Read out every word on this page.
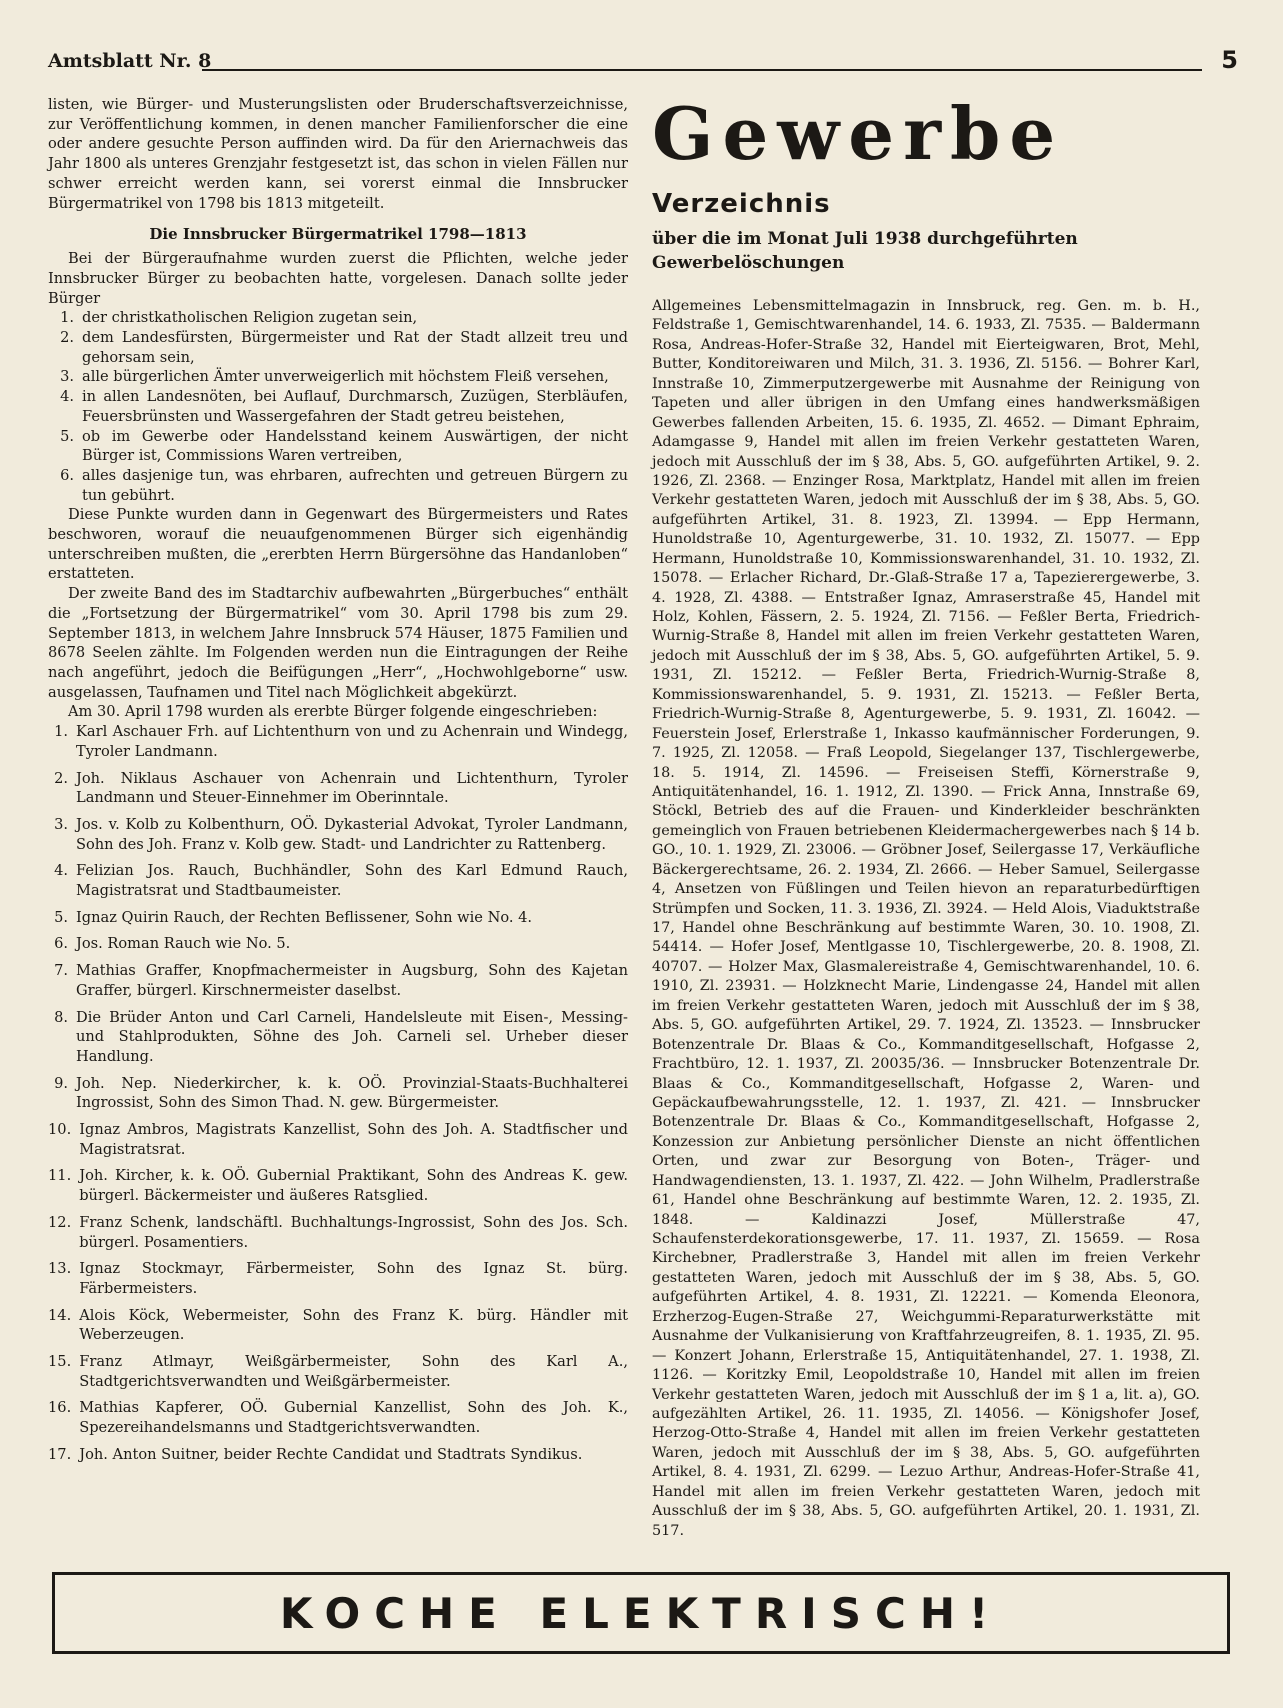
Amtsblatt Nr. 8	5

listen, wie Bürger- und Musterungslisten oder Bruderschaftsverzeichnisse, zur Veröffentlichung kommen, in denen mancher Familienforscher die eine oder andere gesuchte Person auffinden wird. Da für den Ariernachweis das Jahr 1800 als unteres Grenzjahr festgesetzt ist, das schon in vielen Fällen nur schwer erreicht werden kann, sei vorerst einmal die Innsbrucker Bürgermatrikel von 1798 bis 1813 mitgeteilt.

Die Innsbrucker Bürgermatrikel 1798—1813

Bei der Bürgeraufnahme wurden zuerst die Pflichten, welche jeder Innsbrucker Bürger zu beobachten hatte, vorgelesen. Danach sollte jeder Bürger

1. der christkatholischen Religion zugetan sein,
2. dem Landesfürsten, Bürgermeister und Rat der Stadt allzeit treu und gehorsam sein,
3. alle bürgerlichen Ämter unverweigerlich mit höchstem Fleiß versehen,
4. in allen Landesnöten, bei Auflauf, Durchmarsch, Zuzügen, Sterbläufen, Feuersbrünsten und Wassergefahren der Stadt getreu beistehen,
5. ob im Gewerbe oder Handelsstand keinem Auswärtigen, der nicht Bürger ist, Commissions Waren vertreiben,
6. alles dasjenige tun, was ehrbaren, aufrechten und getreuen Bürgern zu tun gebührt.

Diese Punkte wurden dann in Gegenwart des Bürgermeisters und Rates beschworen, worauf die neuaufgenommenen Bürger sich eigenhändig unterschreiben mußten, die „ererbten Herrn Bürgersöhne das Handanloben“ erstatteten.

Der zweite Band des im Stadtarchiv aufbewahrten „Bürgerbuches“ enthält die „Fortsetzung der Bürgermatrikel“ vom 30. April 1798 bis zum 29. September 1813, in welchem Jahre Innsbruck 574 Häuser, 1875 Familien und 8678 Seelen zählte. Im Folgenden werden nun die Eintragungen der Reihe nach angeführt, jedoch die Beifügungen „Herr“, „Hochwohlgeborne“ usw. ausgelassen, Taufnamen und Titel nach Möglichkeit abgekürzt.

Am 30. April 1798 wurden als ererbte Bürger folgende eingeschrieben:

1. Karl Aschauer Frh. auf Lichtenthurn von und zu Achenrain und Windegg, Tyroler Landmann.
2. Joh. Niklaus Aschauer von Achenrain und Lichtenthurn, Tyroler Landmann und Steuer-Einnehmer im Oberinntale.
3. Jos. v. Kolb zu Kolbenthurn, OÖ. Dykasterial Advokat, Tyroler Landmann, Sohn des Joh. Franz v. Kolb gew. Stadt- und Landrichter zu Rattenberg.
4. Felizian Jos. Rauch, Buchhändler, Sohn des Karl Edmund Rauch, Magistratsrat und Stadtbaumeister.
5. Ignaz Quirin Rauch, der Rechten Beflissener, Sohn wie No. 4.
6. Jos. Roman Rauch wie No. 5.
7. Mathias Graffer, Knopfmachermeister in Augsburg, Sohn des Kajetan Graffer, bürgerl. Kirschnermeister daselbst.
8. Die Brüder Anton und Carl Carneli, Handelsleute mit Eisen-, Messing- und Stahlprodukten, Söhne des Joh. Carneli sel. Urheber dieser Handlung.
9. Joh. Nep. Niederkircher, k. k. OÖ. Provinzial-Staats-Buchhalterei Ingrossist, Sohn des Simon Thad. N. gew. Bürgermeister.
10. Ignaz Ambros, Magistrats Kanzellist, Sohn des Joh. A. Stadtfischer und Magistratsrat.
11. Joh. Kircher, k. k. OÖ. Gubernial Praktikant, Sohn des Andreas K. gew. bürgerl. Bäckermeister und äußeres Ratsglied.
12. Franz Schenk, landschäftl. Buchhaltungs-Ingrossist, Sohn des Jos. Sch. bürgerl. Posamentiers.
13. Ignaz Stockmayr, Färbermeister, Sohn des Ignaz St. bürg. Färbermeisters.
14. Alois Köck, Webermeister, Sohn des Franz K. bürg. Händler mit Weberzeugen.
15. Franz Atlmayr, Weißgärbermeister, Sohn des Karl A., Stadtgerichtsverwandten und Weißgärbermeister.
16. Mathias Kapferer, OÖ. Gubernial Kanzellist, Sohn des Joh. K., Spezereihandelsmanns und Stadtgerichtsverwandten.
17. Joh. Anton Suitner, beider Rechte Candidat und Stadtrats Syndikus.
Gewerbe
Verzeichnis
über die im Monat Juli 1938 durchgeführten Gewerbelöschungen

Allgemeines Lebensmittelmagazin in Innsbruck, reg. Gen. m. b. H., Feldstraße 1, Gemischtwarenhandel, 14. 6. 1933, Zl. 7535. — Baldermann Rosa, Andreas-Hofer-Straße 32, Handel mit Eierteigwaren, Brot, Mehl, Butter, Konditoreiwaren und Milch, 31. 3. 1936, Zl. 5156. — Bohrer Karl, Innstraße 10, Zimmerputzergewerbe mit Ausnahme der Reinigung von Tapeten und aller übrigen in den Umfang eines handwerksmäßigen Gewerbes fallenden Arbeiten, 15. 6. 1935, Zl. 4652. — Dimant Ephraim, Adamgasse 9, Handel mit allen im freien Verkehr gestatteten Waren, jedoch mit Ausschluß der im § 38, Abs. 5, GO. aufgeführten Artikel, 9. 2. 1926, Zl. 2368. — Enzinger Rosa, Marktplatz, Handel mit allen im freien Verkehr gestatteten Waren, jedoch mit Ausschluß der im § 38, Abs. 5, GO. aufgeführten Artikel, 31. 8. 1923, Zl. 13994. — Epp Hermann, Hunoldstraße 10, Agenturgewerbe, 31. 10. 1932, Zl. 15077. — Epp Hermann, Hunoldstraße 10, Kommissionswarenhandel, 31. 10. 1932, Zl. 15078. — Erlacher Richard, Dr.-Glaß-Straße 17 a, Tapezierergewerbe, 3. 4. 1928, Zl. 4388. — Entstraßer Ignaz, Amraserstraße 45, Handel mit Holz, Kohlen, Fässern, 2. 5. 1924, Zl. 7156. — Feßler Berta, Friedrich-Wurnig-Straße 8, Handel mit allen im freien Verkehr gestatteten Waren, jedoch mit Ausschluß der im § 38, Abs. 5, GO. aufgeführten Artikel, 5. 9. 1931, Zl. 15212. — Feßler Berta, Friedrich-Wurnig-Straße 8, Kommissionswarenhandel, 5. 9. 1931, Zl. 15213. — Feßler Berta, Friedrich-Wurnig-Straße 8, Agenturgewerbe, 5. 9. 1931, Zl. 16042. — Feuerstein Josef, Erlerstraße 1, Inkasso kaufmännischer Forderungen, 9. 7. 1925, Zl. 12058. — Fraß Leopold, Siegelanger 137, Tischlergewerbe, 18. 5. 1914, Zl. 14596. — Freiseisen Steffi, Körnerstraße 9, Antiquitätenhandel, 16. 1. 1912, Zl. 1390. — Frick Anna, Innstraße 69, Stöckl, Betrieb des auf die Frauen- und Kinderkleider beschränkten gemeinglich von Frauen betriebenen Kleidermachergewerbes nach § 14 b. GO., 10. 1. 1929, Zl. 23006. — Gröbner Josef, Seilergasse 17, Verkäufliche Bäckergerechtsame, 26. 2. 1934, Zl. 2666. — Heber Samuel, Seilergasse 4, Ansetzen von Füßlingen und Teilen hievon an reparaturbedürftigen Strümpfen und Socken, 11. 3. 1936, Zl. 3924. — Held Alois, Viaduktstraße 17, Handel ohne Beschränkung auf bestimmte Waren, 30. 10. 1908, Zl. 54414. — Hofer Josef, Mentlgasse 10, Tischlergewerbe, 20. 8. 1908, Zl. 40707. — Holzer Max, Glasmalereistraße 4, Gemischtwarenhandel, 10. 6. 1910, Zl. 23931. — Holzknecht Marie, Lindengasse 24, Handel mit allen im freien Verkehr gestatteten Waren, jedoch mit Ausschluß der im § 38, Abs. 5, GO. aufgeführten Artikel, 29. 7. 1924, Zl. 13523. — Innsbrucker Botenzentrale Dr. Blaas & Co., Kommanditgesellschaft, Hofgasse 2, Frachtbüro, 12. 1. 1937, Zl. 20035/36. — Innsbrucker Botenzentrale Dr. Blaas & Co., Kommanditgesellschaft, Hofgasse 2, Waren- und Gepäckaufbewahrungsstelle, 12. 1. 1937, Zl. 421. — Innsbrucker Botenzentrale Dr. Blaas & Co., Kommanditgesellschaft, Hofgasse 2, Konzession zur Anbietung persönlicher Dienste an nicht öffentlichen Orten, und zwar zur Besorgung von Boten-, Träger- und Handwagendiensten, 13. 1. 1937, Zl. 422. — John Wilhelm, Pradlerstraße 61, Handel ohne Beschränkung auf bestimmte Waren, 12. 2. 1935, Zl. 1848. — Kaldinazzi Josef, Müllerstraße 47, Schaufensterdekorationsgewerbe, 17. 11. 1937, Zl. 15659. — Rosa Kirchebner, Pradlerstraße 3, Handel mit allen im freien Verkehr gestatteten Waren, jedoch mit Ausschluß der im § 38, Abs. 5, GO. aufgeführten Artikel, 4. 8. 1931, Zl. 12221. — Komenda Eleonora, Erzherzog-Eugen-Straße 27, Weichgummi-Reparaturwerkstätte mit Ausnahme der Vulkanisierung von Kraftfahrzeugreifen, 8. 1. 1935, Zl. 95. — Konzert Johann, Erlerstraße 15, Antiquitätenhandel, 27. 1. 1938, Zl. 1126. — Koritzky Emil, Leopoldstraße 10, Handel mit allen im freien Verkehr gestatteten Waren, jedoch mit Ausschluß der im § 1 a, lit. a), GO. aufgezählten Artikel, 26. 11. 1935, Zl. 14056. — Königshofer Josef, Herzog-Otto-Straße 4, Handel mit allen im freien Verkehr gestatteten Waren, jedoch mit Ausschluß der im § 38, Abs. 5, GO. aufgeführten Artikel, 8. 4. 1931, Zl. 6299. — Lezuo Arthur, Andreas-Hofer-Straße 41, Handel mit allen im freien Verkehr gestatteten Waren, jedoch mit Ausschluß der im § 38, Abs. 5, GO. aufgeführten Artikel, 20. 1. 1931, Zl. 517.

KOCHE ELEKTRISCH!
